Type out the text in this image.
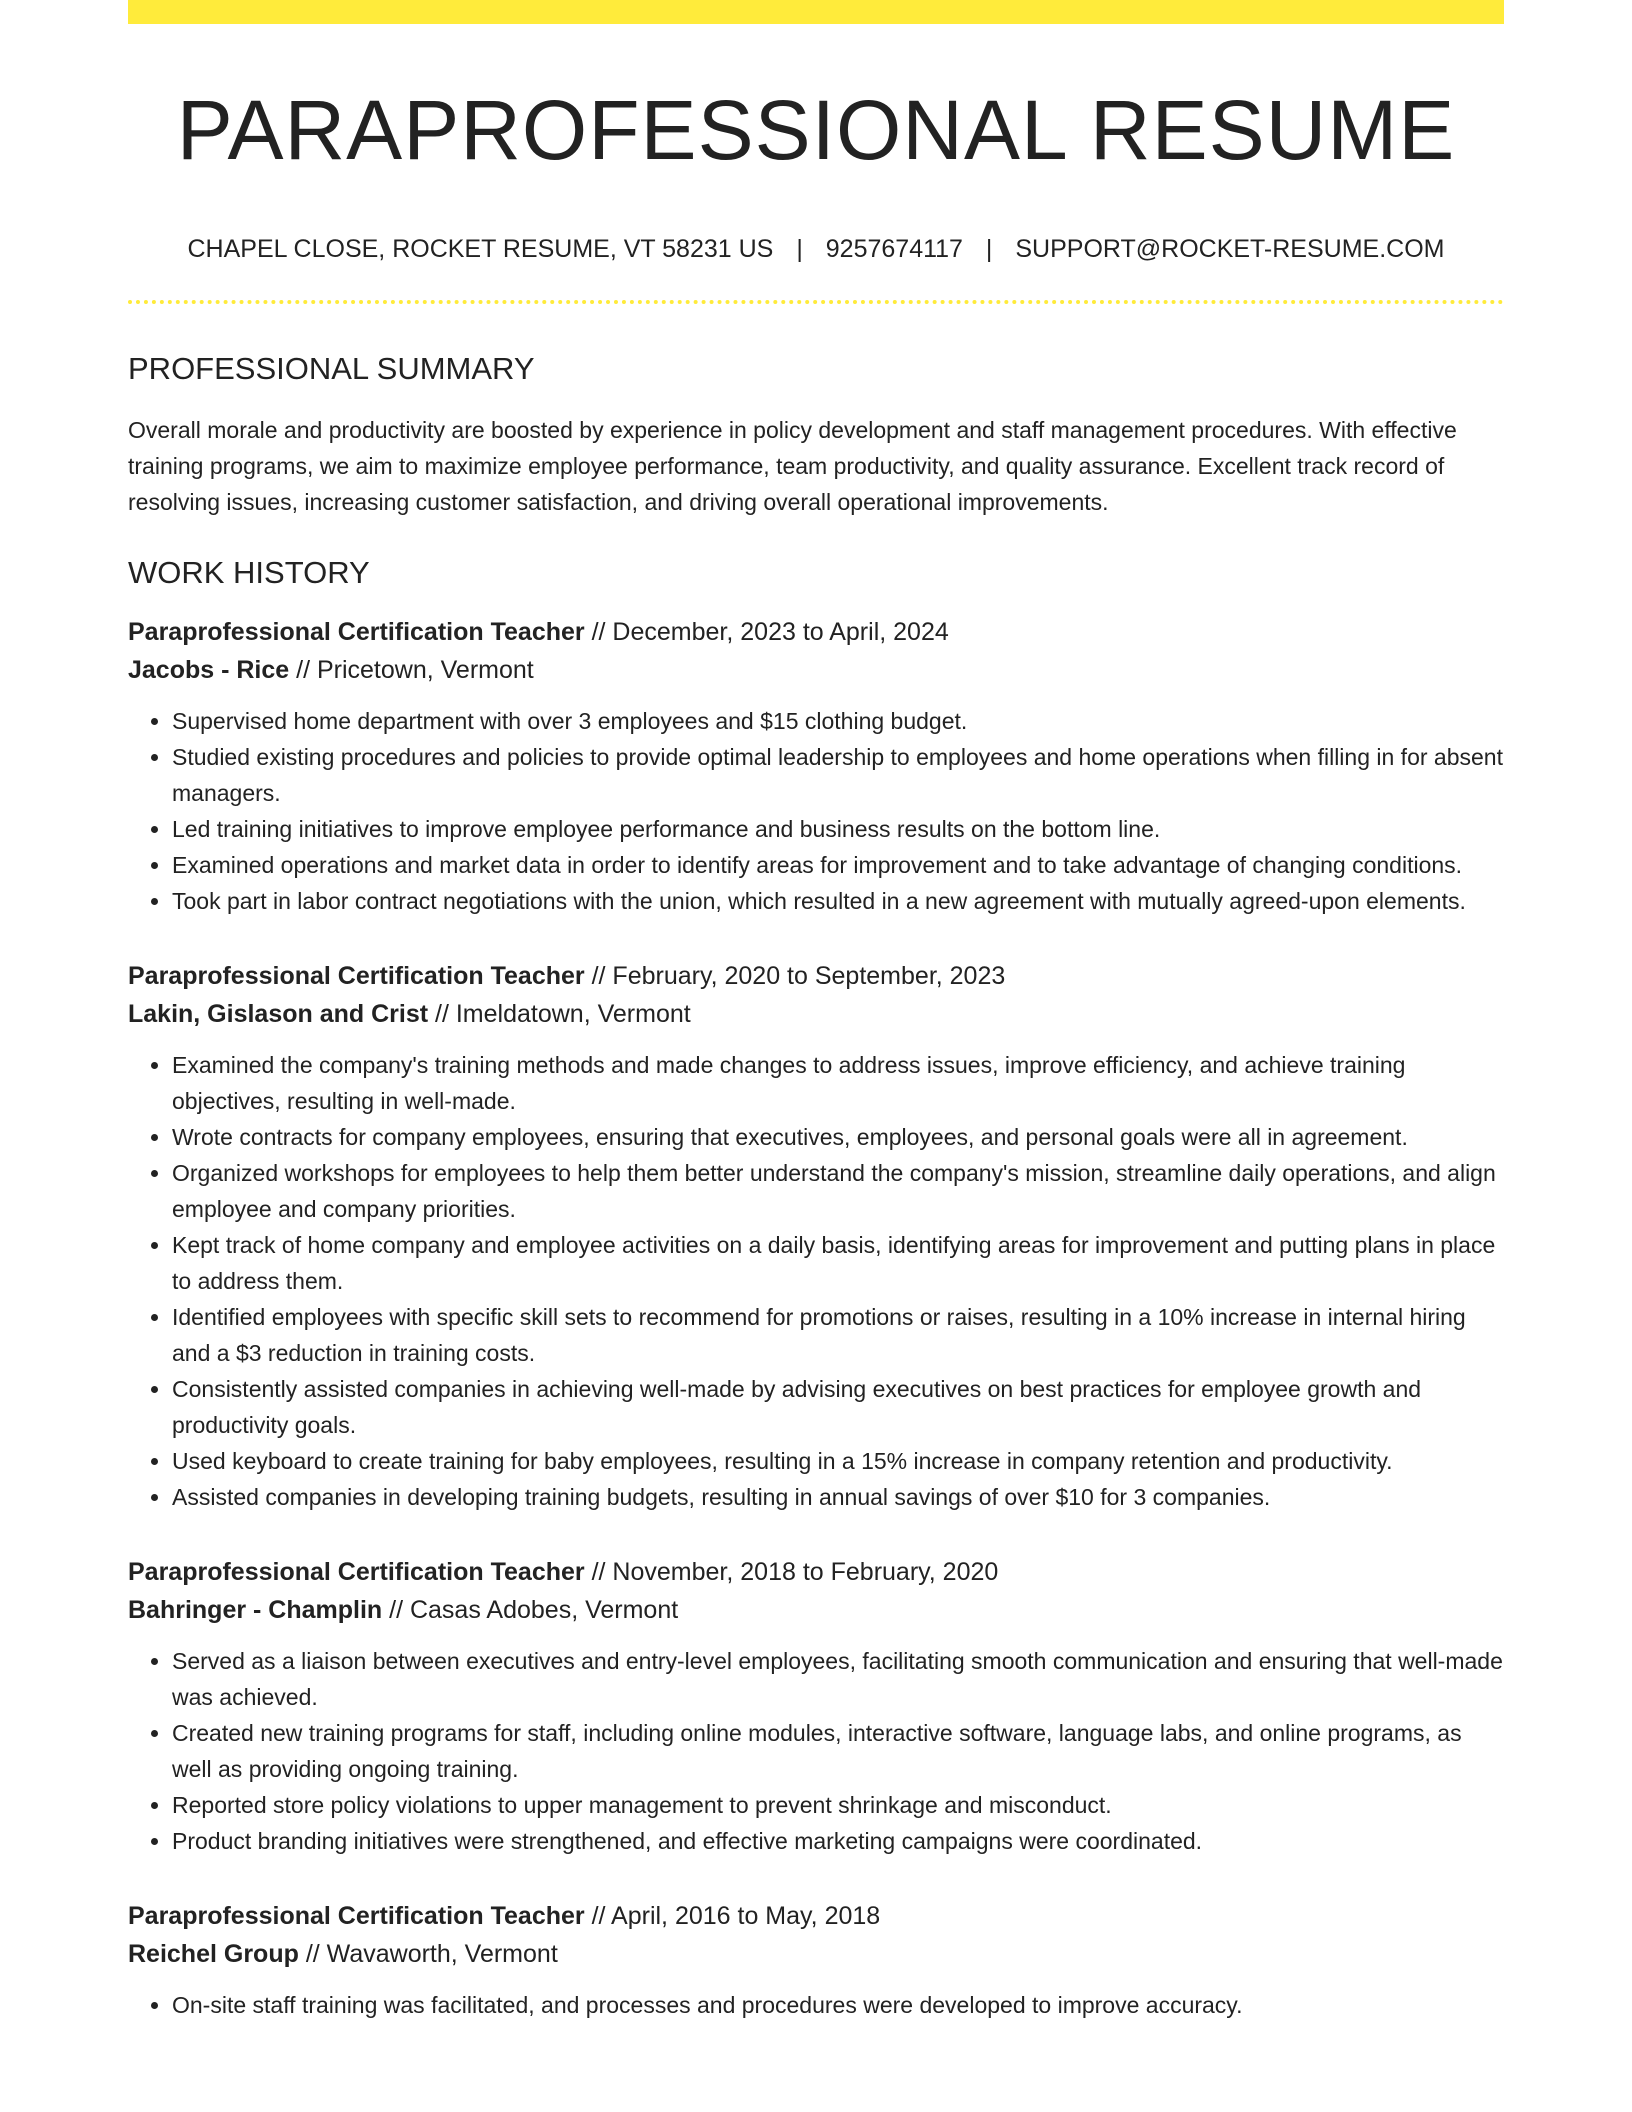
PARAPROFESSIONAL RESUME
CHAPEL CLOSE, ROCKET RESUME, VT 58231 US | 9257674117 | SUPPORT@ROCKET-RESUME.COM
PROFESSIONAL SUMMARY
Overall morale and productivity are boosted by experience in policy development and staff management procedures. With effective training programs, we aim to maximize employee performance, team productivity, and quality assurance. Excellent track record of resolving issues, increasing customer satisfaction, and driving overall operational improvements.
WORK HISTORY
Paraprofessional Certification Teacher // December, 2023 to April, 2024
Jacobs - Rice // Pricetown, Vermont
• Supervised home department with over 3 employees and $15 clothing budget.
• Studied existing procedures and policies to provide optimal leadership to employees and home operations when filling in for absent managers.
• Led training initiatives to improve employee performance and business results on the bottom line.
• Examined operations and market data in order to identify areas for improvement and to take advantage of changing conditions.
• Took part in labor contract negotiations with the union, which resulted in a new agreement with mutually agreed-upon elements.
Paraprofessional Certification Teacher // February, 2020 to September, 2023
Lakin, Gislason and Crist // Imeldatown, Vermont
• Examined the company's training methods and made changes to address issues, improve efficiency, and achieve training objectives, resulting in well-made.
• Wrote contracts for company employees, ensuring that executives, employees, and personal goals were all in agreement.
• Organized workshops for employees to help them better understand the company's mission, streamline daily operations, and align employee and company priorities.
• Kept track of home company and employee activities on a daily basis, identifying areas for improvement and putting plans in place to address them.
• Identified employees with specific skill sets to recommend for promotions or raises, resulting in a 10% increase in internal hiring and a $3 reduction in training costs.
• Consistently assisted companies in achieving well-made by advising executives on best practices for employee growth and productivity goals.
• Used keyboard to create training for baby employees, resulting in a 15% increase in company retention and productivity.
• Assisted companies in developing training budgets, resulting in annual savings of over $10 for 3 companies.
Paraprofessional Certification Teacher // November, 2018 to February, 2020
Bahringer - Champlin // Casas Adobes, Vermont
• Served as a liaison between executives and entry-level employees, facilitating smooth communication and ensuring that well-made was achieved.
• Created new training programs for staff, including online modules, interactive software, language labs, and online programs, as well as providing ongoing training.
• Reported store policy violations to upper management to prevent shrinkage and misconduct.
• Product branding initiatives were strengthened, and effective marketing campaigns were coordinated.
Paraprofessional Certification Teacher // April, 2016 to May, 2018
Reichel Group // Wavaworth, Vermont
• On-site staff training was facilitated, and processes and procedures were developed to improve accuracy.
